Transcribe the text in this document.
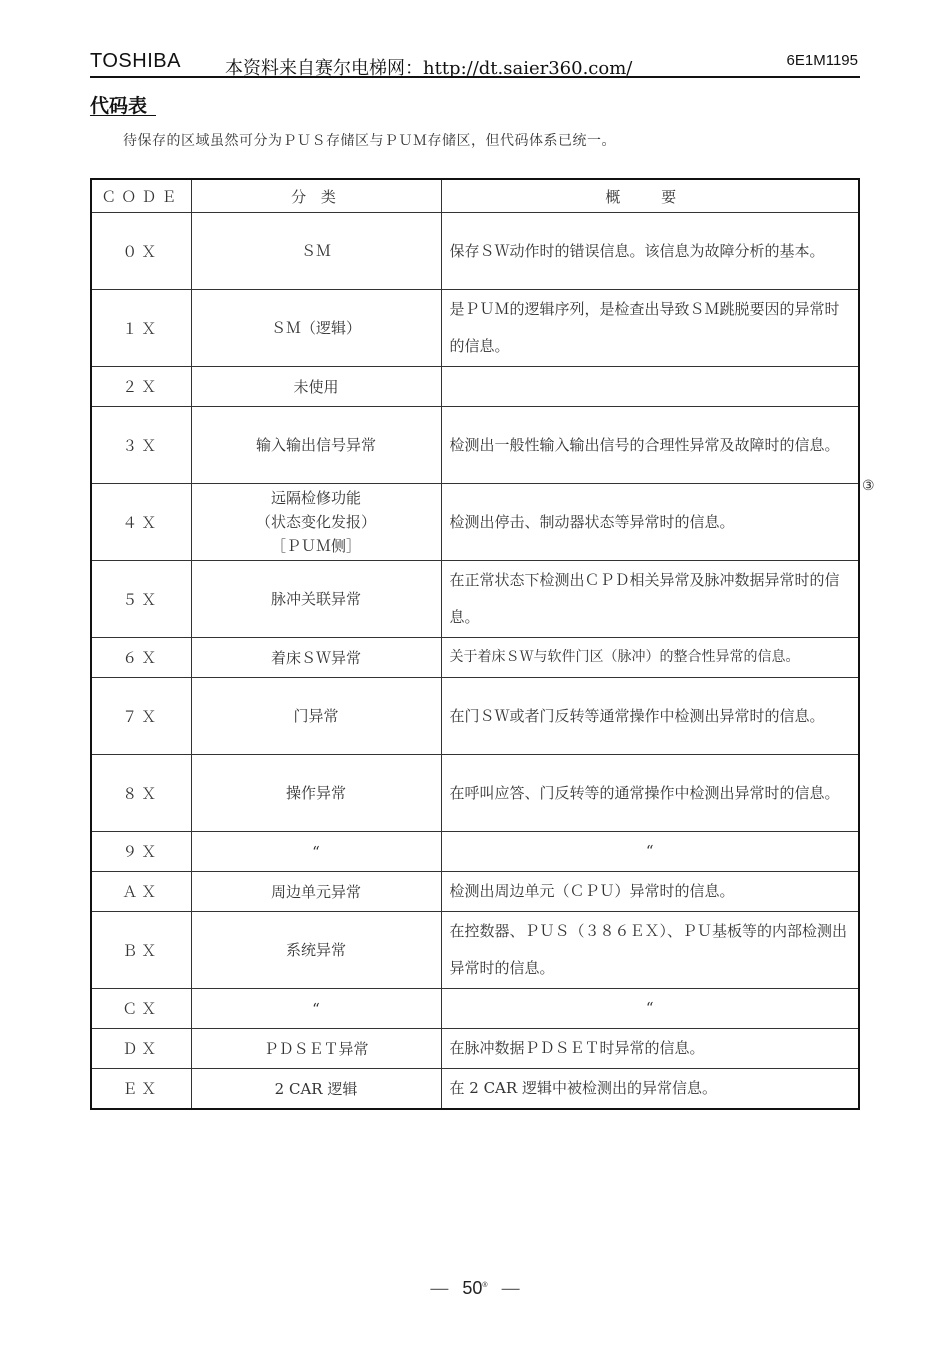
TOSHIBA 本资料来自赛尔电梯网：http://dt.saier360.com/	6E1M1195
代码表
待保存的区域虽然可分为ＰＵＳ存储区与ＰＵＭ存储区，但代码体系已统一。
ＣＯＤＥ	分 类	概 要
０Ｘ	ＳＭ	保存ＳＷ动作时的错误信息。该信息为故障分析的基本。
１Ｘ	ＳＭ（逻辑）	是ＰＵＭ的逻辑序列，是检查出导致ＳＭ跳脱要因的异常时的信息。
２Ｘ	未使用	
３Ｘ	输入输出信号异常	检测出一般性输入输出信号的合理性异常及故障时的信息。
４Ｘ	远隔检修功能
（状态变化发报）
［ＰＵＭ侧］	检测出停击、制动器状态等异常时的信息。
５Ｘ	脉冲关联异常	在正常状态下检测出ＣＰＤ相关异常及脉冲数据异常时的信息。
６Ｘ	着床ＳＷ异常	关于着床ＳＷ与软件门区（脉冲）的整合性异常的信息。
７Ｘ	门异常	在门ＳＷ或者门反转等通常操作中检测出异常时的信息。
８Ｘ	操作异常	在呼叫应答、门反转等的通常操作中检测出异常时的信息。
９Ｘ	“	“
ＡＸ	周边单元异常	检测出周边单元（ＣＰＵ）异常时的信息。
ＢＸ	系统异常	在控数器、ＰＵＳ（３８６ＥＸ）、ＰＵ基板等的内部检测出异常时的信息。
ＣＸ	“	“
ＤＸ	ＰＤＳＥＴ异常	在脉冲数据ＰＤＳＥＴ时异常的信息。
ＥＸ	2 CAR 逻辑	在 2 CAR 逻辑中被检测出的异常信息。
③
— 50® —
